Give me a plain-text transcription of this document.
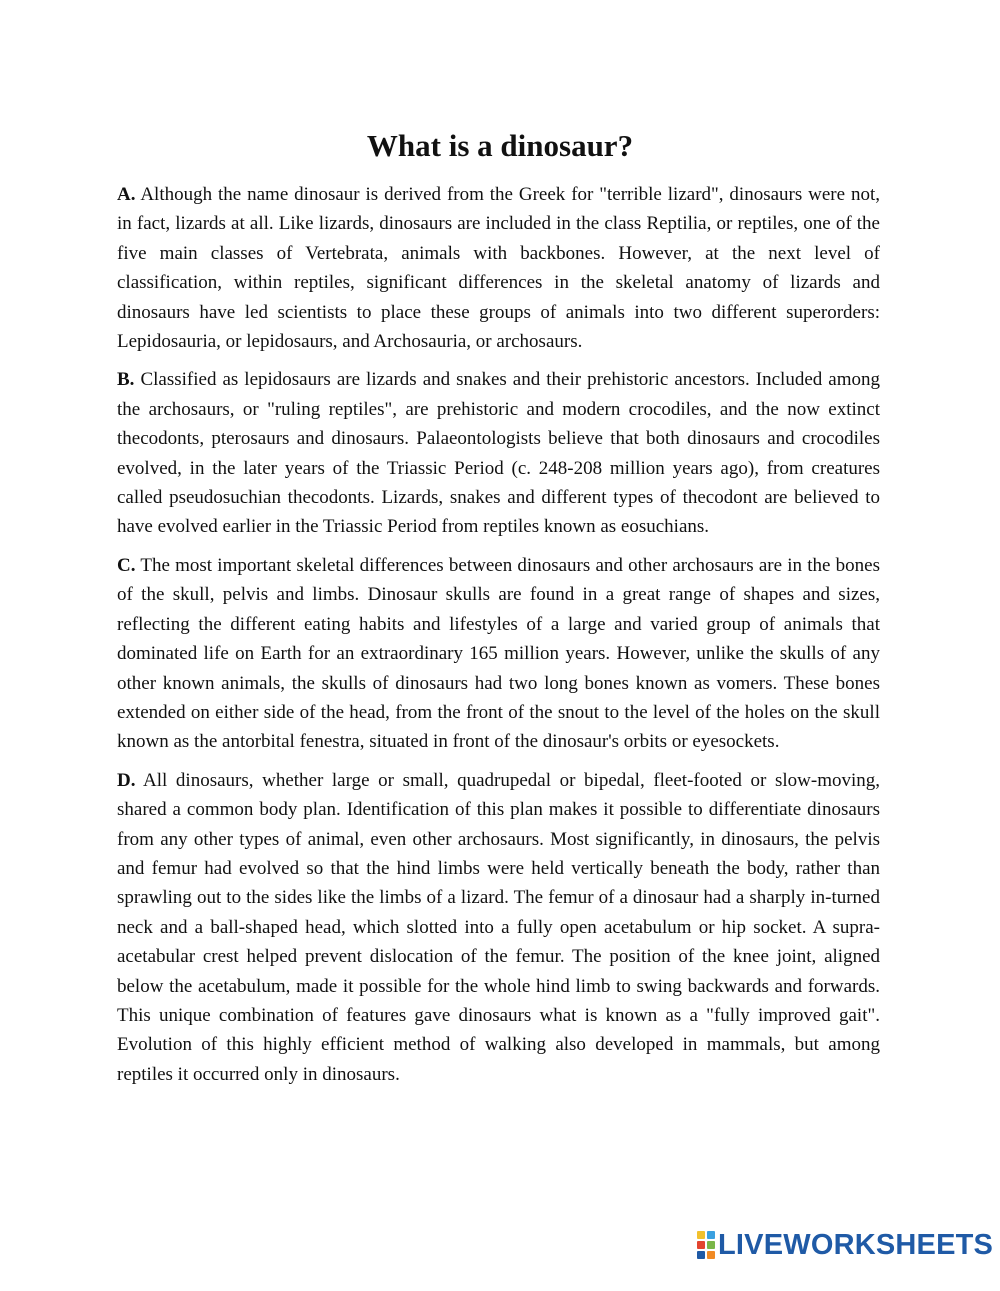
What is a dinosaur?

A. Although the name dinosaur is derived from the Greek for "terrible lizard", dinosaurs were not, in fact, lizards at all. Like lizards, dinosaurs are included in the class Reptilia, or reptiles, one of the five main classes of Vertebrata, animals with backbones. However, at the next level of classification, within reptiles, significant differences in the skeletal anatomy of lizards and dinosaurs have led scientists to place these groups of animals into two different superorders: Lepidosauria, or lepidosaurs, and Archosauria, or archosaurs.

B. Classified as lepidosaurs are lizards and snakes and their prehistoric ancestors. Included among the archosaurs, or "ruling reptiles", are prehistoric and modern crocodiles, and the now extinct thecodonts, pterosaurs and dinosaurs. Palaeontologists believe that both dinosaurs and crocodiles evolved, in the later years of the Triassic Period (c. 248-208 million years ago), from creatures called pseudosuchian thecodonts. Lizards, snakes and different types of thecodont are believed to have evolved earlier in the Triassic Period from reptiles known as eosuchians.

C. The most important skeletal differences between dinosaurs and other archosaurs are in the bones of the skull, pelvis and limbs. Dinosaur skulls are found in a great range of shapes and sizes, reflecting the different eating habits and lifestyles of a large and varied group of animals that dominated life on Earth for an extraordinary 165 million years. However, unlike the skulls of any other known animals, the skulls of dinosaurs had two long bones known as vomers. These bones extended on either side of the head, from the front of the snout to the level of the holes on the skull known as the antorbital fenestra, situated in front of the dinosaur's orbits or eyesockets.

D. All dinosaurs, whether large or small, quadrupedal or bipedal, fleet-footed or slow-moving, shared a common body plan. Identification of this plan makes it possible to differentiate dinosaurs from any other types of animal, even other archosaurs. Most significantly, in dinosaurs, the pelvis and femur had evolved so that the hind limbs were held vertically beneath the body, rather than sprawling out to the sides like the limbs of a lizard. The femur of a dinosaur had a sharply in-turned neck and a ball-shaped head, which slotted into a fully open acetabulum or hip socket. A supra-acetabular crest helped prevent dislocation of the femur. The position of the knee joint, aligned below the acetabulum, made it possible for the whole hind limb to swing backwards and forwards. This unique combination of features gave dinosaurs what is known as a "fully improved gait". Evolution of this highly efficient method of walking also developed in mammals, but among reptiles it occurred only in dinosaurs.

LIVEWORKSHEETS
